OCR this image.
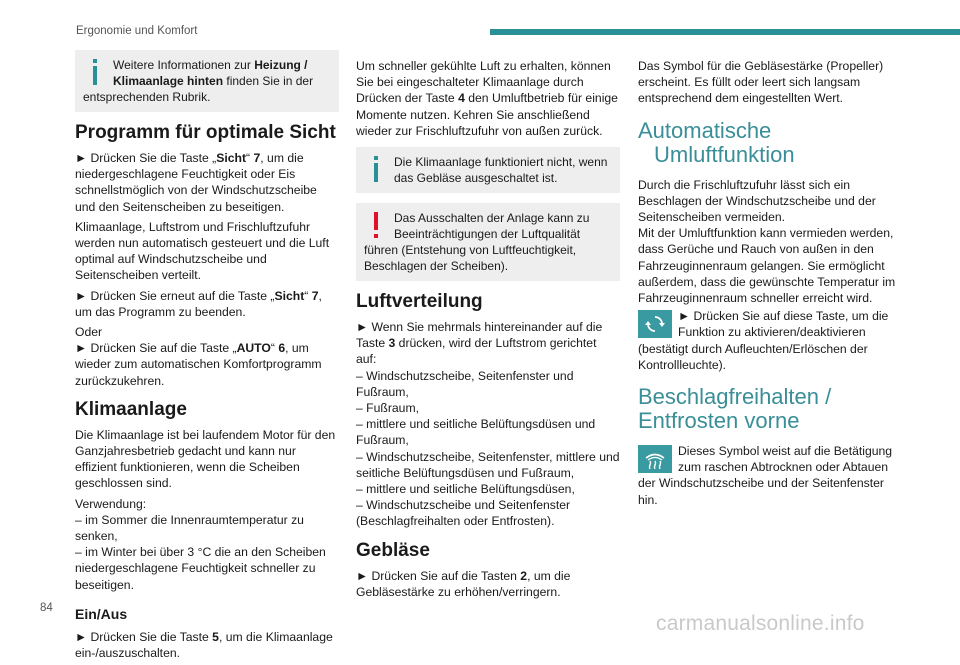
Ergonomie und Komfort
Weitere Informationen zur Heizung / Klimaanlage hinten finden Sie in der entsprechenden Rubrik.
Programm für optimale Sicht

► Drücken Sie die Taste „Sicht“ 7, um die niedergeschlagene Feuchtigkeit oder Eis schnellstmöglich von der Windschutzscheibe und den Seitenscheiben zu beseitigen.

Klimaanlage, Luftstrom und Frischluftzufuhr werden nun automatisch gesteuert und die Luft optimal auf Windschutzscheibe und Seitenscheiben verteilt.

► Drücken Sie erneut auf die Taste „Sicht“ 7, um das Programm zu beenden.

Oder

► Drücken Sie auf die Taste „AUTO“ 6, um wieder zum automatischen Komfortprogramm zurückzukehren.

Klimaanlage

Die Klimaanlage ist bei laufendem Motor für den Ganzjahresbetrieb gedacht und kann nur effizient funktionieren, wenn die Scheiben geschlossen sind.

Verwendung:

– im Sommer die Innenraumtemperatur zu senken,

– im Winter bei über 3 °C die an den Scheiben niedergeschlagene Feuchtigkeit schneller zu beseitigen.

Ein/Aus

► Drücken Sie die Taste 5, um die Klimaanlage ein-/auszuschalten.

Um schneller gekühlte Luft zu erhalten, können Sie bei eingeschalteter Klimaanlage durch Drücken der Taste 4 den Umluftbetrieb für einige Momente nutzen. Kehren Sie anschließend wieder zur Frischluftzufuhr von außen zurück.

Die Klimaanlage funktioniert nicht, wenn das Gebläse ausgeschaltet ist.
Das Ausschalten der Anlage kann zu Beeinträchtigungen der Luftqualität führen (Entstehung von Luftfeuchtigkeit, Beschlagen der Scheiben).
Luftverteilung

► Wenn Sie mehrmals hintereinander auf die Taste 3 drücken, wird der Luftstrom gerichtet auf:

– Windschutzscheibe, Seitenfenster und Fußraum,

– Fußraum,

– mittlere und seitliche Belüftungsdüsen und Fußraum,

– Windschutzscheibe, Seitenfenster, mittlere und seitliche Belüftungsdüsen und Fußraum,

– mittlere und seitliche Belüftungsdüsen,

– Windschutzscheibe und Seitenfenster (Beschlagfreihalten oder Entfrosten).

Gebläse

► Drücken Sie auf die Tasten 2, um die Gebläsestärke zu erhöhen/verringern.

Das Symbol für die Gebläsestärke (Propeller) erscheint. Es füllt oder leert sich langsam entsprechend dem eingestellten Wert.

Automatische
Umluftfunktion

Durch die Frischluftzufuhr lässt sich ein Beschlagen der Windschutzscheibe und der Seitenscheiben vermeiden.

Mit der Umluftfunktion kann vermieden werden, dass Gerüche und Rauch von außen in den Fahrzeuginnenraum gelangen. Sie ermöglicht außerdem, dass die gewünschte Temperatur im Fahrzeuginnenraum schneller erreicht wird.

► Drücken Sie auf diese Taste, um die Funktion zu aktivieren/deaktivieren (bestätigt durch Aufleuchten/Erlöschen der Kontrollleuchte).
Beschlagfreihalten / Entfrosten vorne
Dieses Symbol weist auf die Betätigung zum raschen Abtrocknen oder Abtauen der Windschutzscheibe und der Seitenfenster hin.
84
carmanualsonline.info
